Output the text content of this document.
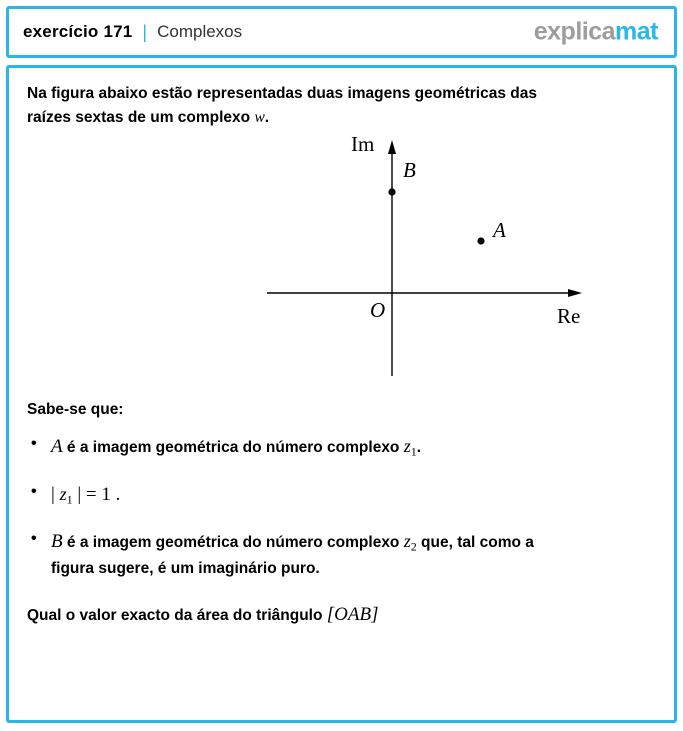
exercício 171 | Complexos	explicamat

Na figura abaixo estão representadas duas imagens geométricas das
raízes sextas de um complexo w.

Im
Re
O
B
A
Sabe-se que:
• A é a imagem geométrica do número complexo $z_1$.
• | $z_1$ | = 1 .
• B é a imagem geométrica do número complexo $z_2$ que, tal como a
figura sugere, é um imaginário puro.
Qual o valor exacto da área do triângulo [OAB]
